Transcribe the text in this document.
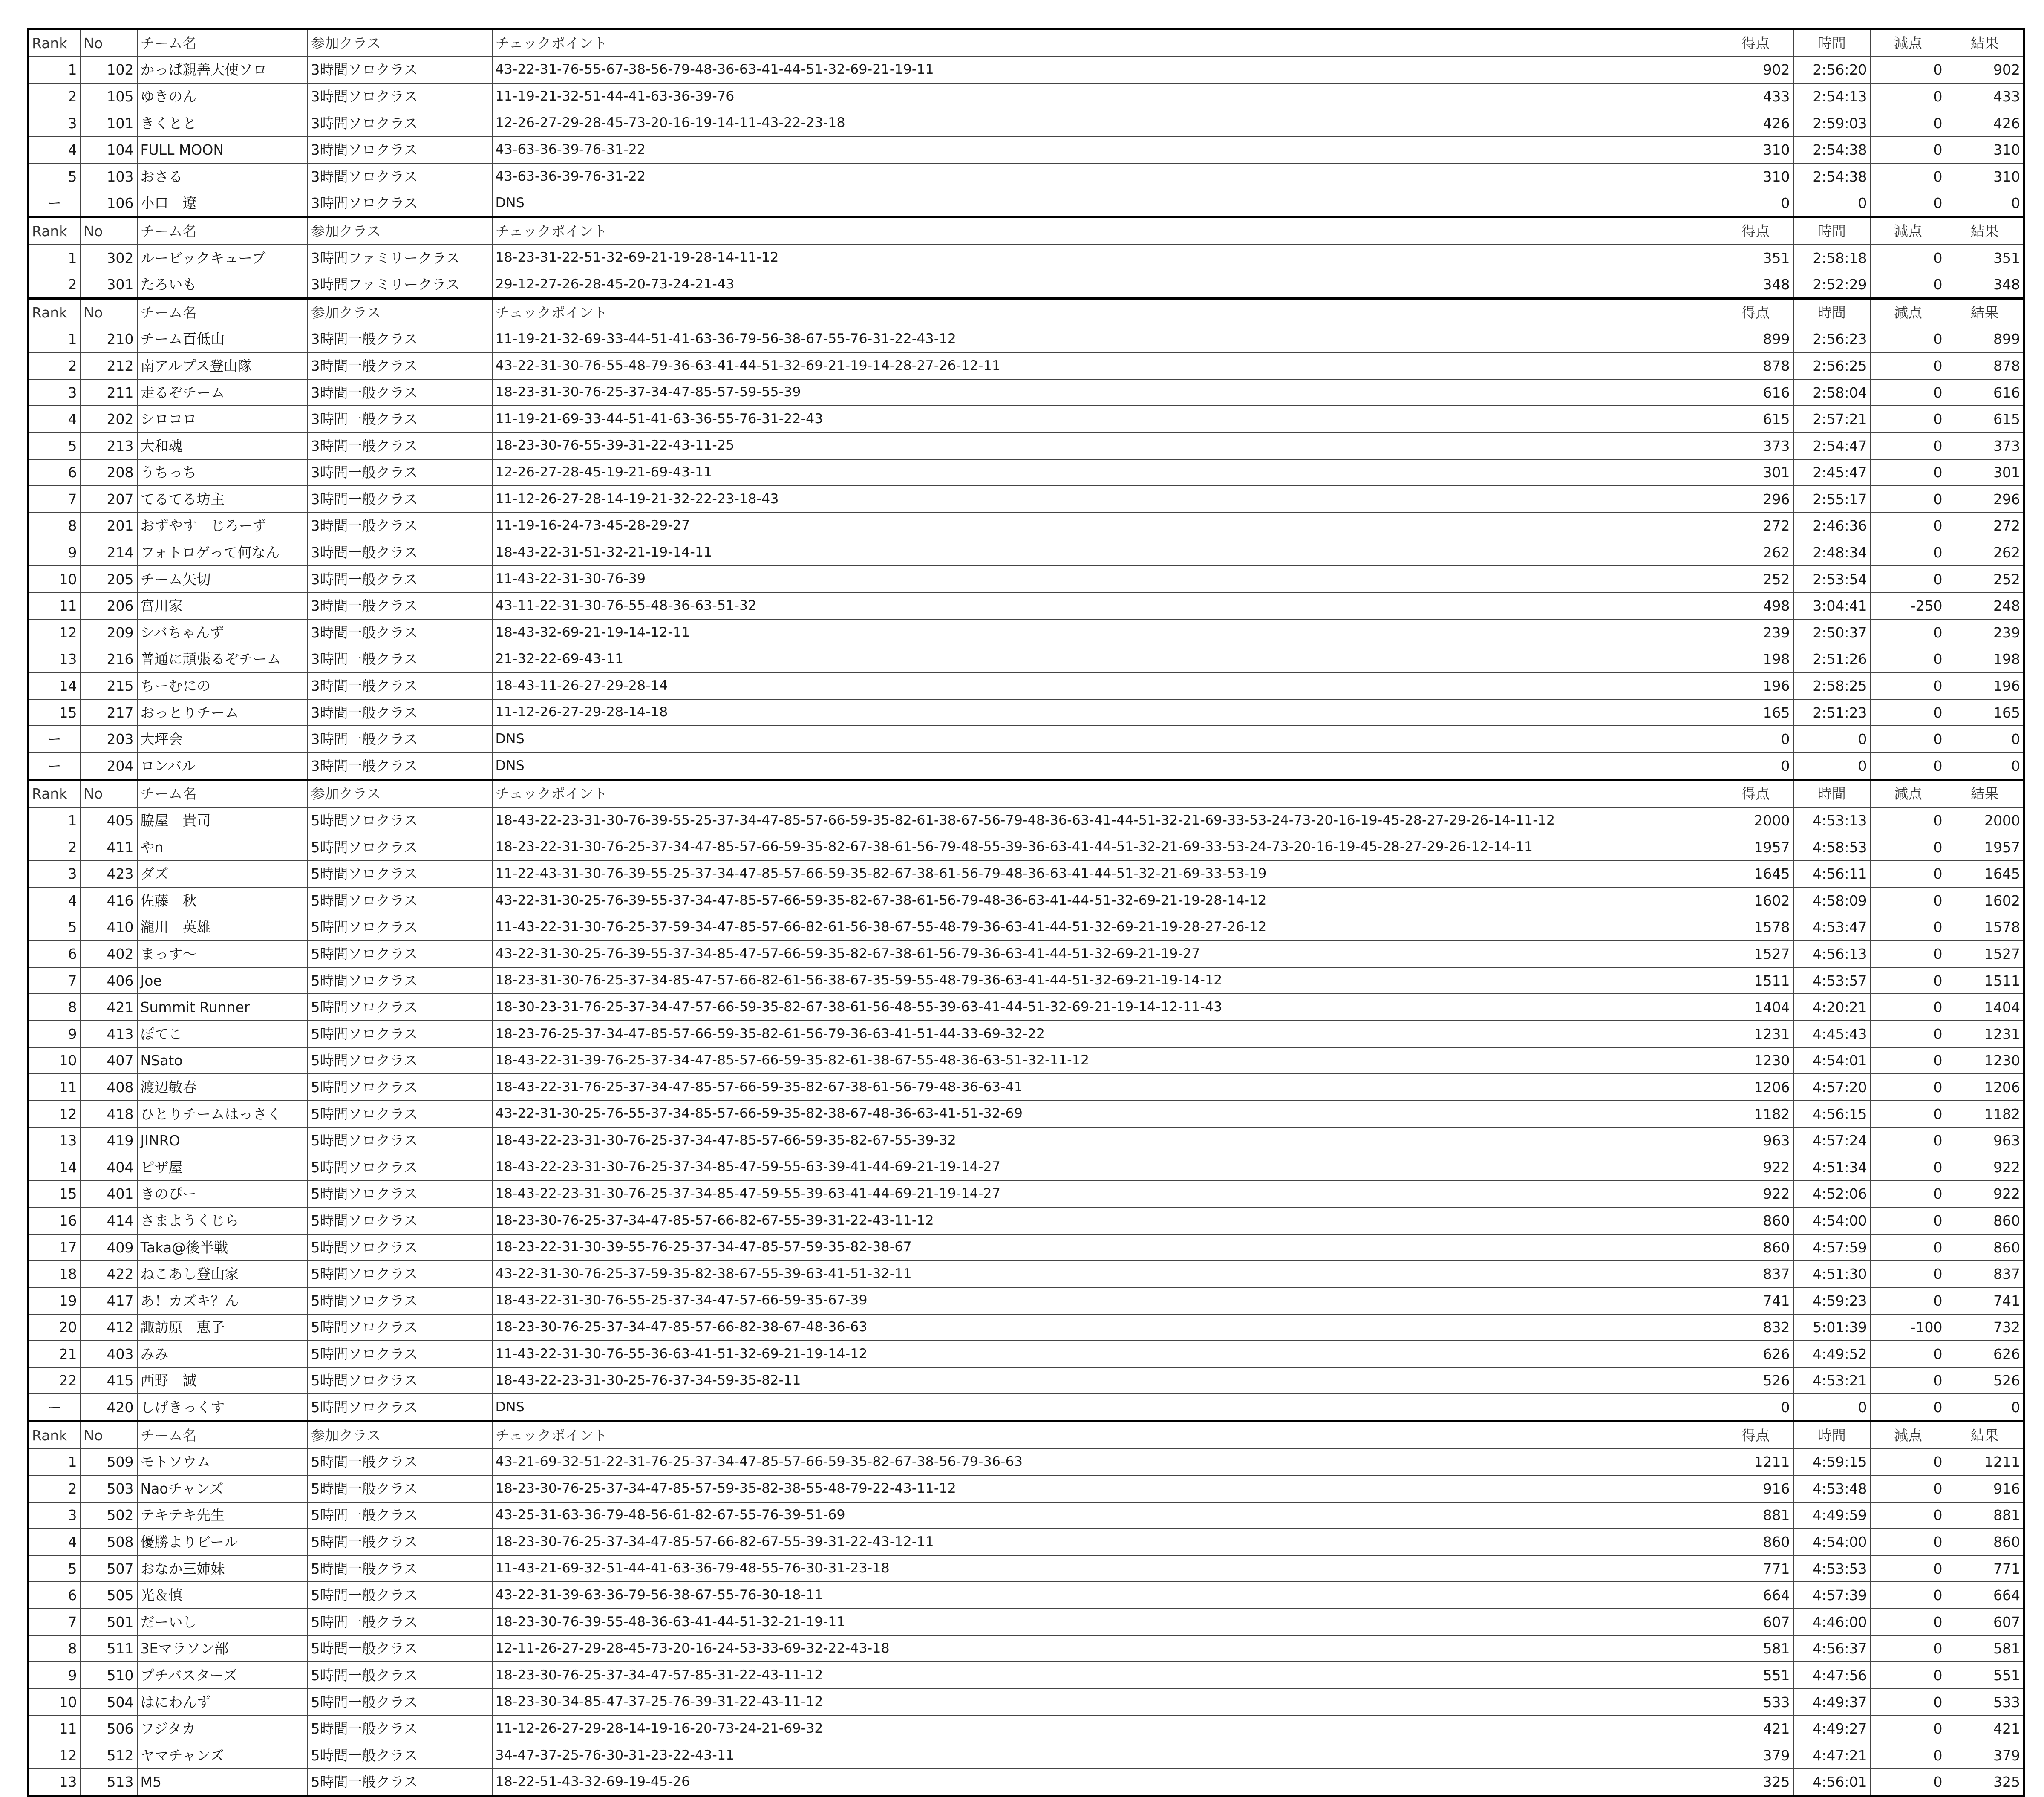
Rank	No	チーム名	参加クラス	チェックポイント	得点	時間	減点	結果
1	102	かっぱ親善大使ソロ	3時間ソロクラス	43-22-31-76-55-67-38-56-79-48-36-63-41-44-51-32-69-21-19-11	902	2:56:20	0	902
2	105	ゆきのん	3時間ソロクラス	11-19-21-32-51-44-41-63-36-39-76	433	2:54:13	0	433
3	101	きくとと	3時間ソロクラス	12-26-27-29-28-45-73-20-16-19-14-11-43-22-23-18	426	2:59:03	0	426
4	104	FULL MOON	3時間ソロクラス	43-63-36-39-76-31-22	310	2:54:38	0	310
5	103	おさる	3時間ソロクラス	43-63-36-39-76-31-22	310	2:54:38	0	310
ー	106	小口　遼	3時間ソロクラス	DNS	0	0	0	0
Rank	No	チーム名	参加クラス	チェックポイント	得点	時間	減点	結果
1	302	ルービックキューブ	3時間ファミリークラス	18-23-31-22-51-32-69-21-19-28-14-11-12	351	2:58:18	0	351
2	301	たろいも	3時間ファミリークラス	29-12-27-26-28-45-20-73-24-21-43	348	2:52:29	0	348
Rank	No	チーム名	参加クラス	チェックポイント	得点	時間	減点	結果
1	210	チーム百低山	3時間一般クラス	11-19-21-32-69-33-44-51-41-63-36-79-56-38-67-55-76-31-22-43-12	899	2:56:23	0	899
2	212	南アルプス登山隊	3時間一般クラス	43-22-31-30-76-55-48-79-36-63-41-44-51-32-69-21-19-14-28-27-26-12-11	878	2:56:25	0	878
3	211	走るぞチーム	3時間一般クラス	18-23-31-30-76-25-37-34-47-85-57-59-55-39	616	2:58:04	0	616
4	202	シロコロ	3時間一般クラス	11-19-21-69-33-44-51-41-63-36-55-76-31-22-43	615	2:57:21	0	615
5	213	大和魂	3時間一般クラス	18-23-30-76-55-39-31-22-43-11-25	373	2:54:47	0	373
6	208	うちっち	3時間一般クラス	12-26-27-28-45-19-21-69-43-11	301	2:45:47	0	301
7	207	てるてる坊主	3時間一般クラス	11-12-26-27-28-14-19-21-32-22-23-18-43	296	2:55:17	0	296
8	201	おずやす　じろーず	3時間一般クラス	11-19-16-24-73-45-28-29-27	272	2:46:36	0	272
9	214	フォトロゲって何なん	3時間一般クラス	18-43-22-31-51-32-21-19-14-11	262	2:48:34	0	262
10	205	チーム矢切	3時間一般クラス	11-43-22-31-30-76-39	252	2:53:54	0	252
11	206	宮川家	3時間一般クラス	43-11-22-31-30-76-55-48-36-63-51-32	498	3:04:41	-250	248
12	209	シバちゃんず	3時間一般クラス	18-43-32-69-21-19-14-12-11	239	2:50:37	0	239
13	216	普通に頑張るぞチーム	3時間一般クラス	21-32-22-69-43-11	198	2:51:26	0	198
14	215	ちーむにの	3時間一般クラス	18-43-11-26-27-29-28-14	196	2:58:25	0	196
15	217	おっとりチーム	3時間一般クラス	11-12-26-27-29-28-14-18	165	2:51:23	0	165
ー	203	大坪会	3時間一般クラス	DNS	0	0	0	0
ー	204	ロンバル	3時間一般クラス	DNS	0	0	0	0
Rank	No	チーム名	参加クラス	チェックポイント	得点	時間	減点	結果
1	405	脇屋　貴司	5時間ソロクラス	18-43-22-23-31-30-76-39-55-25-37-34-47-85-57-66-59-35-82-61-38-67-56-79-48-36-63-41-44-51-32-21-69-33-53-24-73-20-16-19-45-28-27-29-26-14-11-12	2000	4:53:13	0	2000
2	411	やn	5時間ソロクラス	18-23-22-31-30-76-25-37-34-47-85-57-66-59-35-82-67-38-61-56-79-48-55-39-36-63-41-44-51-32-21-69-33-53-24-73-20-16-19-45-28-27-29-26-12-14-11	1957	4:58:53	0	1957
3	423	ダズ	5時間ソロクラス	11-22-43-31-30-76-39-55-25-37-34-47-85-57-66-59-35-82-67-38-61-56-79-48-36-63-41-44-51-32-21-69-33-53-19	1645	4:56:11	0	1645
4	416	佐藤　秋	5時間ソロクラス	43-22-31-30-25-76-39-55-37-34-47-85-57-66-59-35-82-67-38-61-56-79-48-36-63-41-44-51-32-69-21-19-28-14-12	1602	4:58:09	0	1602
5	410	瀧川　英雄	5時間ソロクラス	11-43-22-31-30-76-25-37-59-34-47-85-57-66-82-61-56-38-67-55-48-79-36-63-41-44-51-32-69-21-19-28-27-26-12	1578	4:53:47	0	1578
6	402	まっす〜	5時間ソロクラス	43-22-31-30-25-76-39-55-37-34-85-47-57-66-59-35-82-67-38-61-56-79-36-63-41-44-51-32-69-21-19-27	1527	4:56:13	0	1527
7	406	Joe	5時間ソロクラス	18-23-31-30-76-25-37-34-85-47-57-66-82-61-56-38-67-35-59-55-48-79-36-63-41-44-51-32-69-21-19-14-12	1511	4:53:57	0	1511
8	421	Summit Runner	5時間ソロクラス	18-30-23-31-76-25-37-34-47-57-66-59-35-82-67-38-61-56-48-55-39-63-41-44-51-32-69-21-19-14-12-11-43	1404	4:20:21	0	1404
9	413	ぽてこ	5時間ソロクラス	18-23-76-25-37-34-47-85-57-66-59-35-82-61-56-79-36-63-41-51-44-33-69-32-22	1231	4:45:43	0	1231
10	407	NSato	5時間ソロクラス	18-43-22-31-39-76-25-37-34-47-85-57-66-59-35-82-61-38-67-55-48-36-63-51-32-11-12	1230	4:54:01	0	1230
11	408	渡辺敏春	5時間ソロクラス	18-43-22-31-76-25-37-34-47-85-57-66-59-35-82-67-38-61-56-79-48-36-63-41	1206	4:57:20	0	1206
12	418	ひとりチームはっさく	5時間ソロクラス	43-22-31-30-25-76-55-37-34-85-57-66-59-35-82-38-67-48-36-63-41-51-32-69	1182	4:56:15	0	1182
13	419	JINRO	5時間ソロクラス	18-43-22-23-31-30-76-25-37-34-47-85-57-66-59-35-82-67-55-39-32	963	4:57:24	0	963
14	404	ピザ屋	5時間ソロクラス	18-43-22-23-31-30-76-25-37-34-85-47-59-55-63-39-41-44-69-21-19-14-27	922	4:51:34	0	922
15	401	きのぴー	5時間ソロクラス	18-43-22-23-31-30-76-25-37-34-85-47-59-55-39-63-41-44-69-21-19-14-27	922	4:52:06	0	922
16	414	さまようくじら	5時間ソロクラス	18-23-30-76-25-37-34-47-85-57-66-82-67-55-39-31-22-43-11-12	860	4:54:00	0	860
17	409	Taka@後半戦	5時間ソロクラス	18-23-22-31-30-39-55-76-25-37-34-47-85-57-59-35-82-38-67	860	4:57:59	0	860
18	422	ねこあし登山家	5時間ソロクラス	43-22-31-30-76-25-37-59-35-82-38-67-55-39-63-41-51-32-11	837	4:51:30	0	837
19	417	あ！カズキ？ん	5時間ソロクラス	18-43-22-31-30-76-55-25-37-34-47-57-66-59-35-67-39	741	4:59:23	0	741
20	412	諏訪原　恵子	5時間ソロクラス	18-23-30-76-25-37-34-47-85-57-66-82-38-67-48-36-63	832	5:01:39	-100	732
21	403	みみ	5時間ソロクラス	11-43-22-31-30-76-55-36-63-41-51-32-69-21-19-14-12	626	4:49:52	0	626
22	415	西野　誠	5時間ソロクラス	18-43-22-23-31-30-25-76-37-34-59-35-82-11	526	4:53:21	0	526
ー	420	しげきっくす	5時間ソロクラス	DNS	0	0	0	0
Rank	No	チーム名	参加クラス	チェックポイント	得点	時間	減点	結果
1	509	モトソウム	5時間一般クラス	43-21-69-32-51-22-31-76-25-37-34-47-85-57-66-59-35-82-67-38-56-79-36-63	1211	4:59:15	0	1211
2	503	Naoチャンズ	5時間一般クラス	18-23-30-76-25-37-34-47-85-57-59-35-82-38-55-48-79-22-43-11-12	916	4:53:48	0	916
3	502	テキテキ先生	5時間一般クラス	43-25-31-63-36-79-48-56-61-82-67-55-76-39-51-69	881	4:49:59	0	881
4	508	優勝よりビール	5時間一般クラス	18-23-30-76-25-37-34-47-85-57-66-82-67-55-39-31-22-43-12-11	860	4:54:00	0	860
5	507	おなか三姉妹	5時間一般クラス	11-43-21-69-32-51-44-41-63-36-79-48-55-76-30-31-23-18	771	4:53:53	0	771
6	505	光＆慎	5時間一般クラス	43-22-31-39-63-36-79-56-38-67-55-76-30-18-11	664	4:57:39	0	664
7	501	だーいし	5時間一般クラス	18-23-30-76-39-55-48-36-63-41-44-51-32-21-19-11	607	4:46:00	0	607
8	511	3Eマラソン部	5時間一般クラス	12-11-26-27-29-28-45-73-20-16-24-53-33-69-32-22-43-18	581	4:56:37	0	581
9	510	プチバスターズ	5時間一般クラス	18-23-30-76-25-37-34-47-57-85-31-22-43-11-12	551	4:47:56	0	551
10	504	はにわんず	5時間一般クラス	18-23-30-34-85-47-37-25-76-39-31-22-43-11-12	533	4:49:37	0	533
11	506	フジタカ	5時間一般クラス	11-12-26-27-29-28-14-19-16-20-73-24-21-69-32	421	4:49:27	0	421
12	512	ヤマチャンズ	5時間一般クラス	34-47-37-25-76-30-31-23-22-43-11	379	4:47:21	0	379
13	513	M5	5時間一般クラス	18-22-51-43-32-69-19-45-26	325	4:56:01	0	325
